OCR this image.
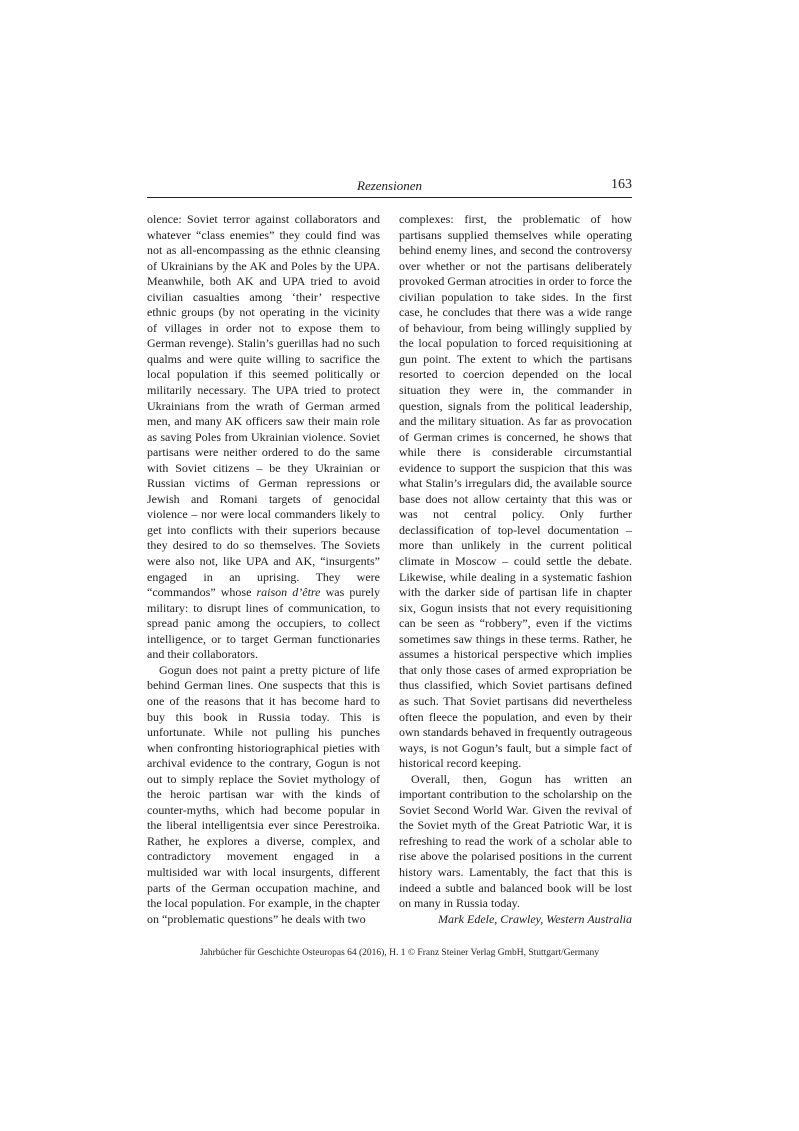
Rezensionen	163

olence: Soviet terror against collaborators and whatever “class enemies” they could find was not as all-encompassing as the ethnic cleansing of Ukrainians by the AK and Poles by the UPA. Meanwhile, both AK and UPA tried to avoid civilian casualties among ‘their’ respective ethnic groups (by not operating in the vicinity of villages in order not to expose them to German revenge). Stalin’s guerillas had no such qualms and were quite willing to sacrifice the local population if this seemed politically or militarily necessary. The UPA tried to protect Ukrainians from the wrath of German armed men, and many AK officers saw their main role as saving Poles from Ukrainian violence. Soviet partisans were neither ordered to do the same with Soviet citizens – be they Ukrainian or Russian victims of German repressions or Jewish and Romani targets of genocidal violence – nor were local commanders likely to get into conflicts with their superiors because they desired to do so themselves. The Soviets were also not, like UPA and AK, “insurgents” engaged in an uprising. They were “commandos” whose raison d’être was purely military: to disrupt lines of communication, to spread panic among the occupiers, to collect intelligence, or to target German functionaries and their collaborators.

Gogun does not paint a pretty picture of life behind German lines. One suspects that this is one of the reasons that it has become hard to buy this book in Russia today. This is unfortunate. While not pulling his punches when confronting historiographical pieties with archival evidence to the contrary, Gogun is not out to simply replace the Soviet mythology of the heroic partisan war with the kinds of counter-myths, which had become popular in the liberal intelligentsia ever since Perestroika. Rather, he explores a diverse, complex, and contradictory movement engaged in a multisided war with local insurgents, different parts of the German occupation machine, and the local population. For example, in the chapter on “problematic questions” he deals with two

complexes: first, the problematic of how partisans supplied themselves while operating behind enemy lines, and second the controversy over whether or not the partisans deliberately provoked German atrocities in order to force the civilian population to take sides. In the first case, he concludes that there was a wide range of behaviour, from being willingly supplied by the local population to forced requisitioning at gun point. The extent to which the partisans resorted to coercion depended on the local situation they were in, the commander in question, signals from the political leadership, and the military situation. As far as provocation of German crimes is concerned, he shows that while there is considerable circumstantial evidence to support the suspicion that this was what Stalin’s irregulars did, the available source base does not allow certainty that this was or was not central policy. Only further declassification of top-level documentation – more than unlikely in the current political climate in Moscow – could settle the debate. Likewise, while dealing in a systematic fashion with the darker side of partisan life in chapter six, Gogun insists that not every requisitioning can be seen as “robbery”, even if the victims sometimes saw things in these terms. Rather, he assumes a historical perspective which implies that only those cases of armed expropriation be thus classified, which Soviet partisans defined as such. That Soviet partisans did nevertheless often fleece the population, and even by their own standards behaved in frequently outrageous ways, is not Gogun’s fault, but a simple fact of historical record keeping.

Overall, then, Gogun has written an important contribution to the scholarship on the Soviet Second World War. Given the revival of the Soviet myth of the Great Patriotic War, it is refreshing to read the work of a scholar able to rise above the polarised positions in the current history wars. Lamentably, the fact that this is indeed a subtle and balanced book will be lost on many in Russia today.

Mark Edele, Crawley, Western Australia

Jahrbücher für Geschichte Osteuropas 64 (2016), H. 1 © Franz Steiner Verlag GmbH, Stuttgart/Germany
